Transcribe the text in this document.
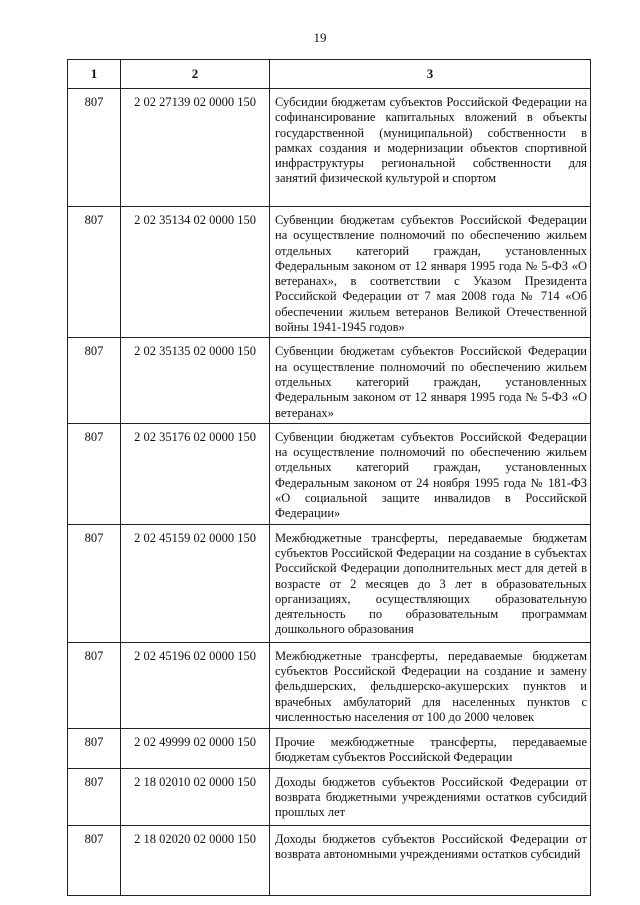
19
1	2	3
807	2 02 27139 02 0000 150	Субсидии бюджетам субъектов Российской Федерации на софинансирование капитальных вложений в объекты государственной (муниципальной) собственности в рамках создания и модернизации объектов спортивной инфраструктуры региональной собственности для занятий физической культурой и спортом
807	2 02 35134 02 0000 150	Субвенции бюджетам субъектов Российской Федерации на осуществление полномочий по обеспечению жильем отдельных категорий граждан, установленных Федеральным законом от 12 января 1995 года № 5-ФЗ «О ветеранах», в соответствии с Указом Президента Российской Федерации от 7 мая 2008 года № 714 «Об обеспечении жильем ветеранов Великой Отечественной войны 1941-1945 годов»
807	2 02 35135 02 0000 150	Субвенции бюджетам субъектов Российской Федерации на осуществление полномочий по обеспечению жильем отдельных категорий граждан, установленных Федеральным законом от 12 января 1995 года № 5-ФЗ «О ветеранах»
807	2 02 35176 02 0000 150	Субвенции бюджетам субъектов Российской Федерации на осуществление полномочий по обеспечению жильем отдельных категорий граждан, установленных Федеральным законом от 24 ноября 1995 года № 181-ФЗ «О социальной защите инвалидов в Российской Федерации»
807	2 02 45159 02 0000 150	Межбюджетные трансферты, передаваемые бюджетам субъектов Российской Федерации на создание в субъектах Российской Федерации дополнительных мест для детей в возрасте от 2 месяцев до 3 лет в образовательных организациях, осуществляющих образовательную деятельность по образовательным программам дошкольного образования
807	2 02 45196 02 0000 150	Межбюджетные трансферты, передаваемые бюджетам субъектов Российской Федерации на создание и замену фельдшерских, фельдшерско-акушерских пунктов и врачебных амбулаторий для населенных пунктов с численностью населения от 100 до 2000 человек
807	2 02 49999 02 0000 150	Прочие межбюджетные трансферты, передаваемые бюджетам субъектов Российской Федерации
807	2 18 02010 02 0000 150	Доходы бюджетов субъектов Российской Федерации от возврата бюджетными учреждениями остатков субсидий прошлых лет
807	2 18 02020 02 0000 150	Доходы бюджетов субъектов Российской Федерации от возврата автономными учреждениями остатков субсидий
